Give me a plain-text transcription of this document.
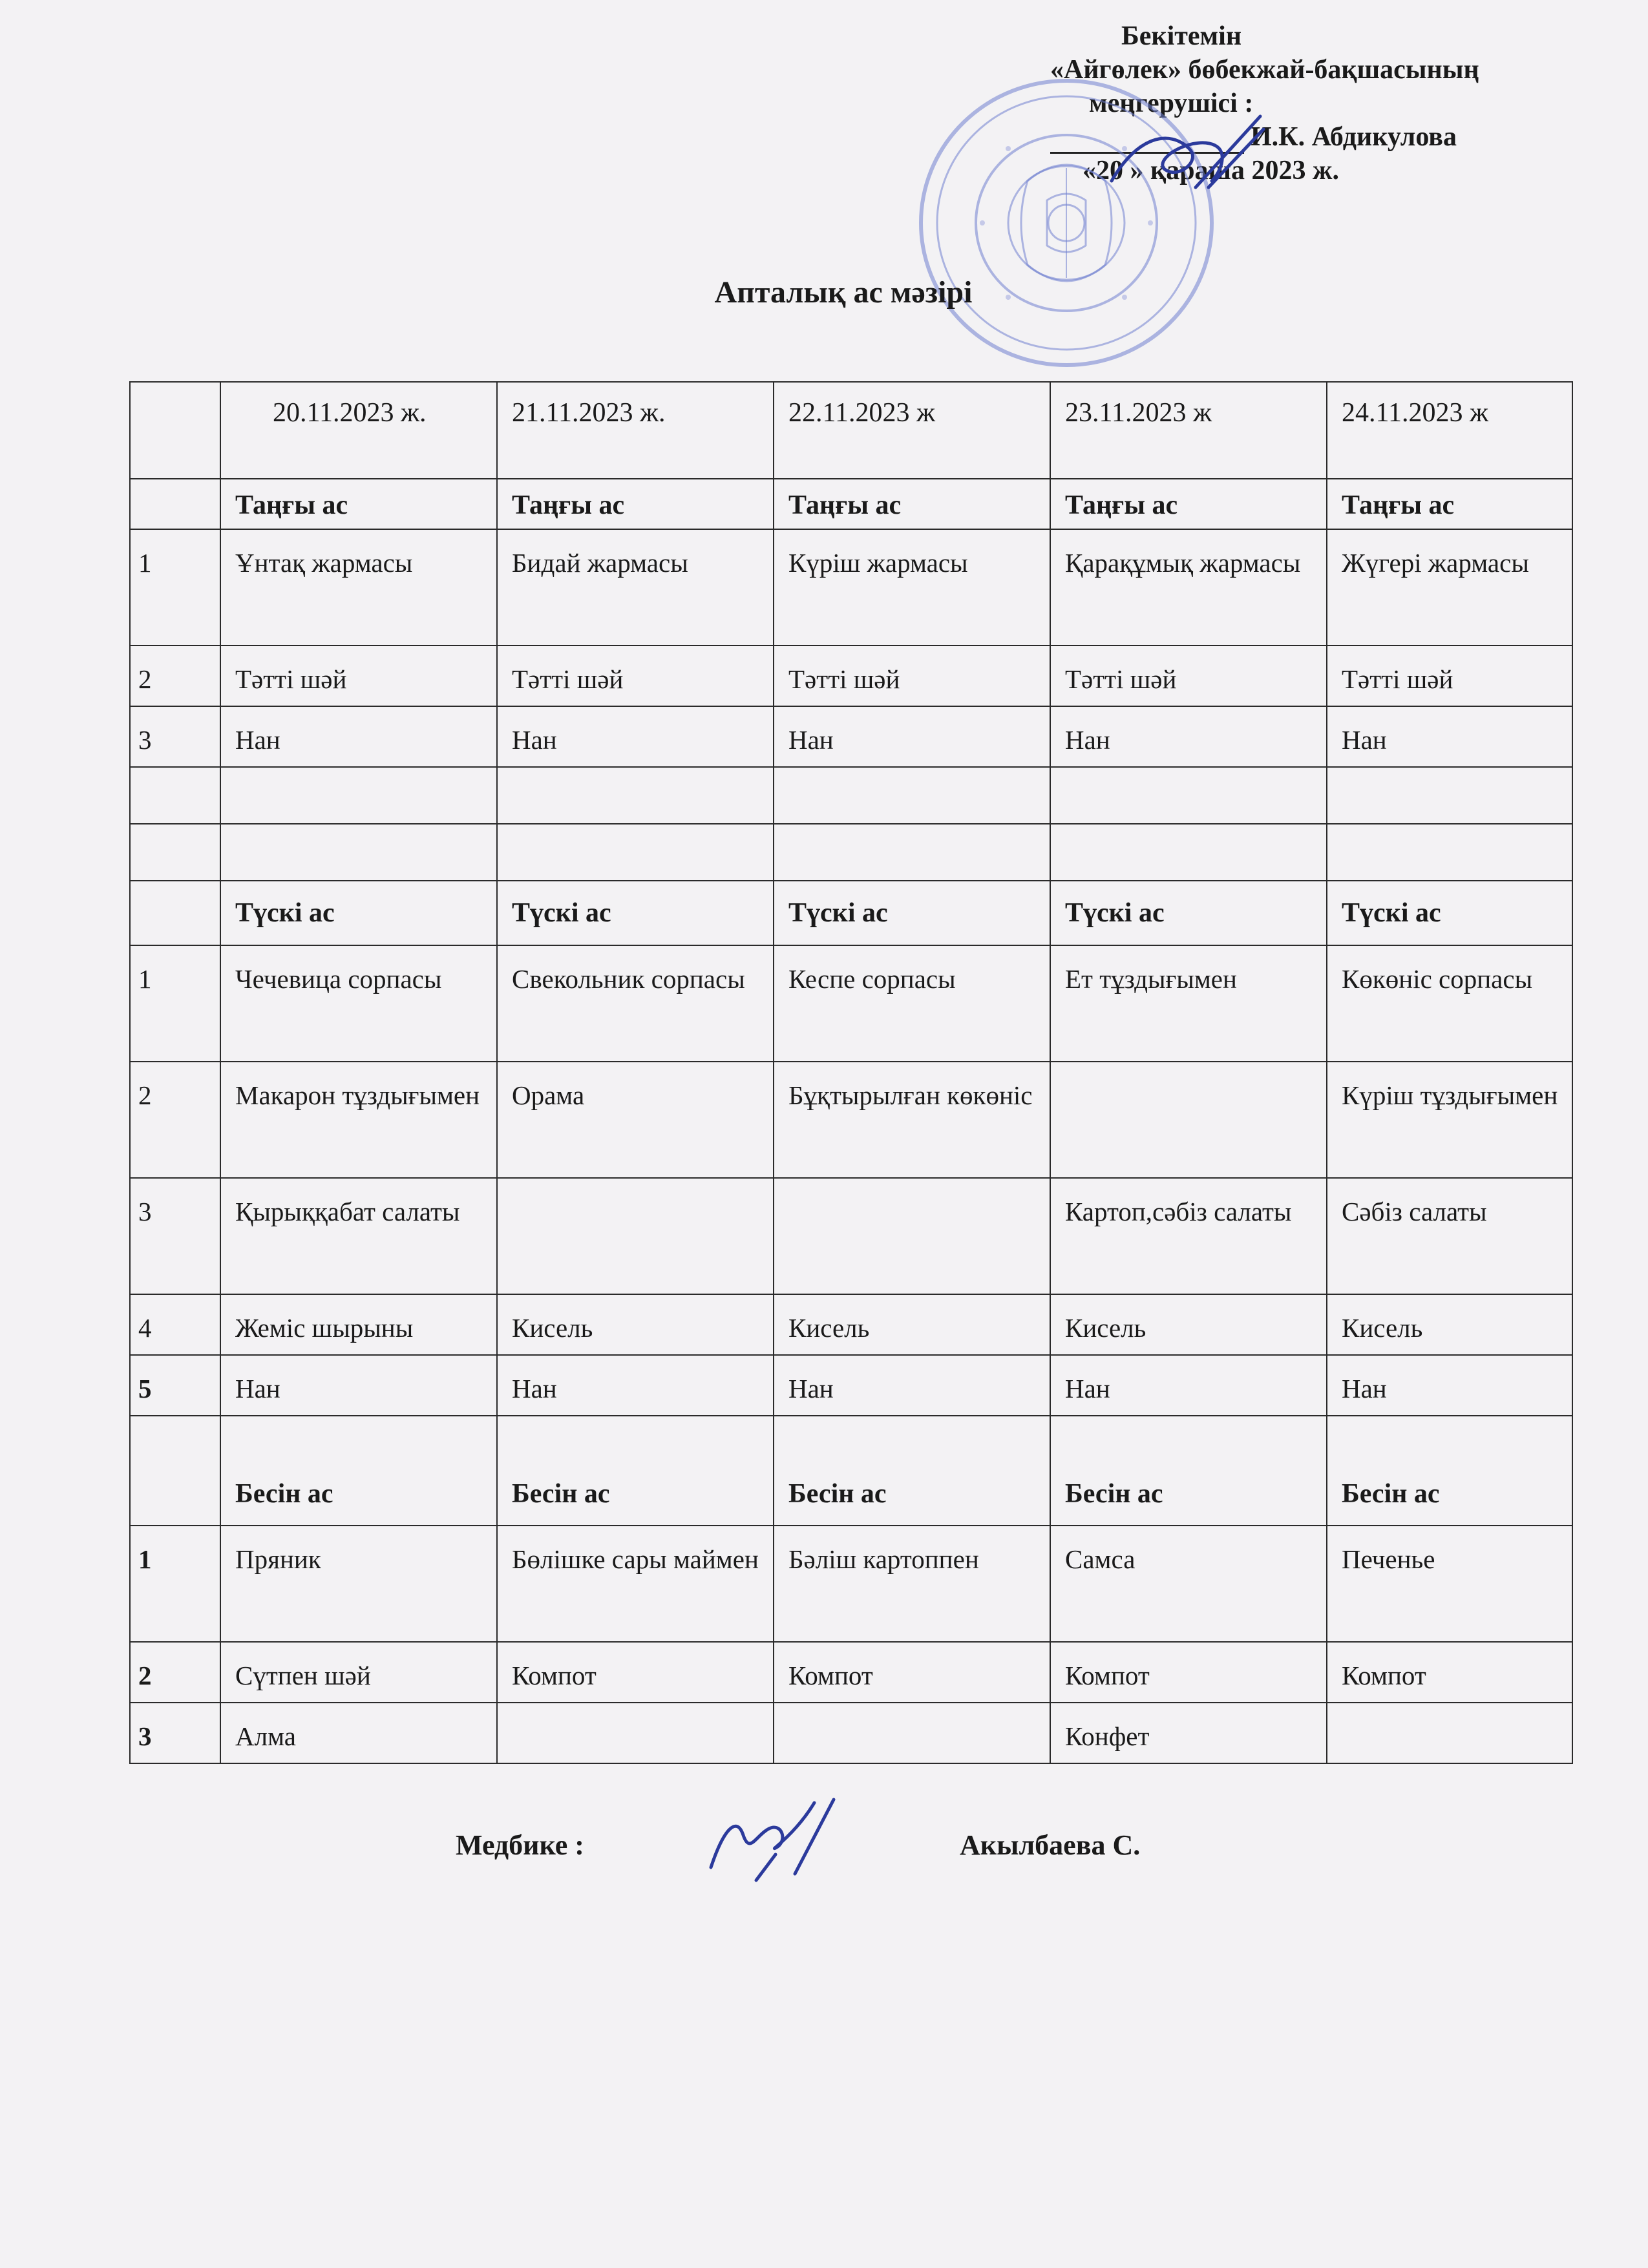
Бекітемін
«Айгөлек» бөбекжай-бақшасының
меңгерушісі :
И.К. Абдикулова
«20 » қараша 2023 ж.
Апталық ас мәзірі
	20.11.2023 ж.	21.11.2023 ж.	22.11.2023 ж	23.11.2023 ж	24.11.2023 ж
	Таңғы ас	Таңғы ас	Таңғы ас	Таңғы ас	Таңғы ас
1	Ұнтақ жармасы	Бидай жармасы	Күріш жармасы	Қарақұмық жармасы	Жүгері жармасы
2	Тәтті шәй	Тәтті шәй	Тәтті шәй	Тәтті шәй	Тәтті шәй
3	Нан	Нан	Нан	Нан	Нан

	Түскі ас	Түскі ас	Түскі ас	Түскі ас	Түскі ас
1	Чечевица сорпасы	Свекольник сорпасы	Кеспе сорпасы	Ет тұздығымен	Көкөніс сорпасы
2	Макарон тұздығымен	Орама	Бұқтырылған көкөніс		Күріш тұздығымен
3	Қырыққабат салаты			Картоп,сәбіз салаты	Сәбіз салаты
4	Жеміс шырыны	Кисель	Кисель	Кисель	Кисель
5	Нан	Нан	Нан	Нан	Нан
	Бесін ас	Бесін ас	Бесін ас	Бесін ас	Бесін ас
1	Пряник	Бөлішке сары маймен	Бәліш картоппен	Самса	Печенье
2	Сүтпен шәй	Компот	Компот	Компот	Компот
3	Алма			Конфет	
Медбике :	Акылбаева С.
